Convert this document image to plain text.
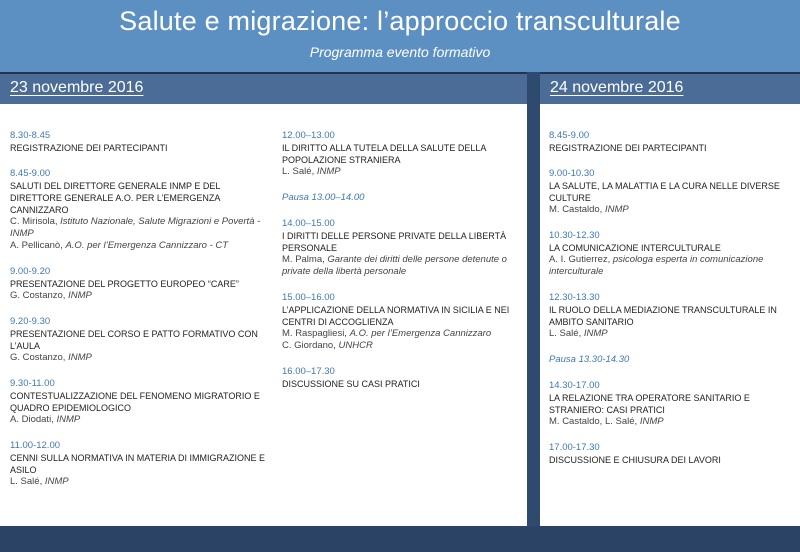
Salute e migrazione: l’approccio transculturale
Programma evento formativo
23 novembre 2016	24 novembre 2016
8.30-8.45
REGISTRAZIONE DEI PARTECIPANTI
8.45-9.00
SALUTI DEL DIRETTORE GENERALE INMP E DEL DIRETTORE GENERALE A.O. PER L’EMERGENZA CANNIZZARO
C. Mirisola, Istituto Nazionale, Salute Migrazioni e Povertà - INMP
A. Pellicanò, A.O. per l’Emergenza Cannizzaro - CT
9.00-9.20
PRESENTAZIONE DEL PROGETTO EUROPEO “CARE”
G. Costanzo, INMP
9.20-9.30
PRESENTAZIONE DEL CORSO E PATTO FORMATIVO CON L’AULA
G. Costanzo, INMP
9.30-11.00
CONTESTUALIZZAZIONE DEL FENOMENO MIGRATORIO E QUADRO EPIDEMIOLOGICO
A. Diodati, INMP
11.00-12.00
CENNI SULLA NORMATIVA IN MATERIA DI IMMIGRAZIONE E ASILO
L. Salé, INMP
12.00–13.00
IL DIRITTO ALLA TUTELA DELLA SALUTE DELLA POPOLAZIONE STRANIERA
L. Salé, INMP
Pausa 13.00–14.00
14.00–15.00
I DIRITTI DELLE PERSONE PRIVATE DELLA LIBERTÀ PERSONALE
M. Palma, Garante dei diritti delle persone detenute o private della libertà personale
15.00–16.00
L’APPLICAZIONE DELLA NORMATIVA IN SICILIA E NEI CENTRI DI ACCOGLIENZA
M. Raspagliesi, A.O. per l’Emergenza Cannizzaro
C. Giordano, UNHCR
16.00–17.30
DISCUSSIONE SU CASI PRATICI
8.45-9.00
REGISTRAZIONE DEI PARTECIPANTI
9.00-10.30
LA SALUTE, LA MALATTIA E LA CURA NELLE DIVERSE CULTURE
M. Castaldo, INMP
10.30-12.30
LA COMUNICAZIONE INTERCULTURALE
A. I. Gutierrez, psicologa esperta in comunicazione interculturale
12.30-13.30
IL RUOLO DELLA MEDIAZIONE TRANSCULTURALE IN AMBITO SANITARIO
L. Salé, INMP
Pausa 13.30-14.30
14.30-17.00
LA RELAZIONE TRA OPERATORE SANITARIO E STRANIERO: CASI PRATICI
M. Castaldo, L. Salé, INMP
17.00-17.30
DISCUSSIONE E CHIUSURA DEI LAVORI
